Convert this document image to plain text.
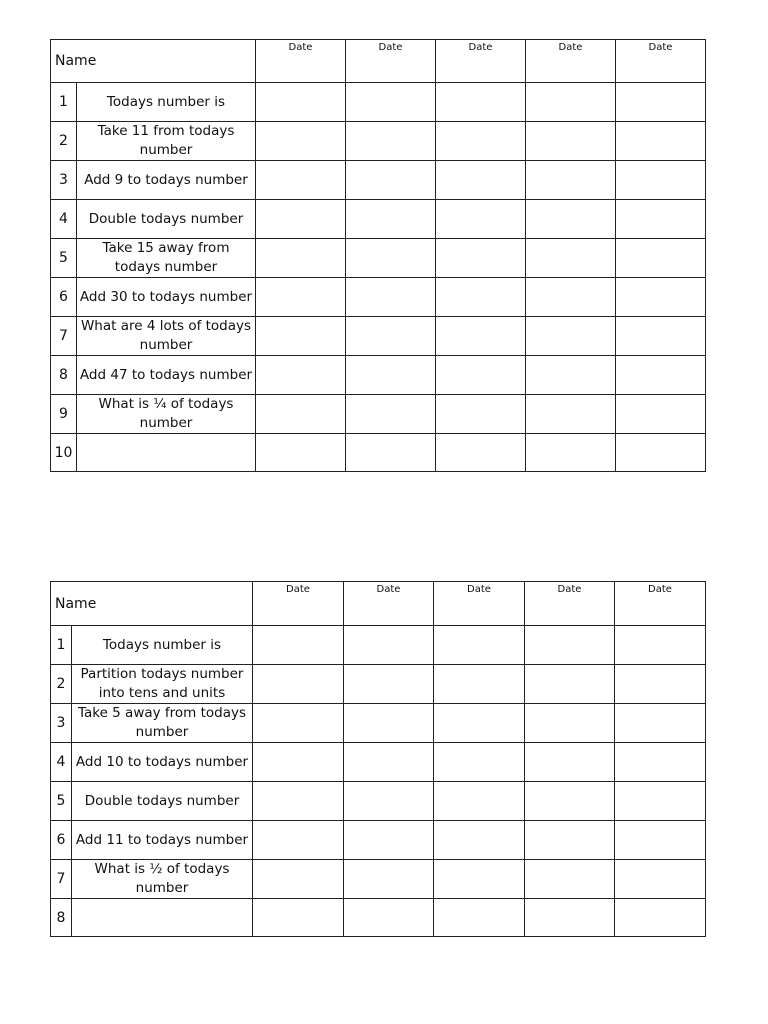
Name		Date	Date	Date	Date	Date
1	Todays number is					
2	Take 11 from todays number					
3	Add 9 to todays number					
4	Double todays number					
5	Take 15 away from todays number					
6	Add 30 to todays number					
7	What are 4 lots of todays number					
8	Add 47 to todays number					
9	What is ¼ of todays number					
10						
Name		Date	Date	Date	Date	Date
1	Todays number is					
2	Partition todays number into tens and units					
3	Take 5 away from todays number					
4	Add 10 to todays number					
5	Double todays number					
6	Add 11 to todays number					
7	What is ½ of todays number					
8						
